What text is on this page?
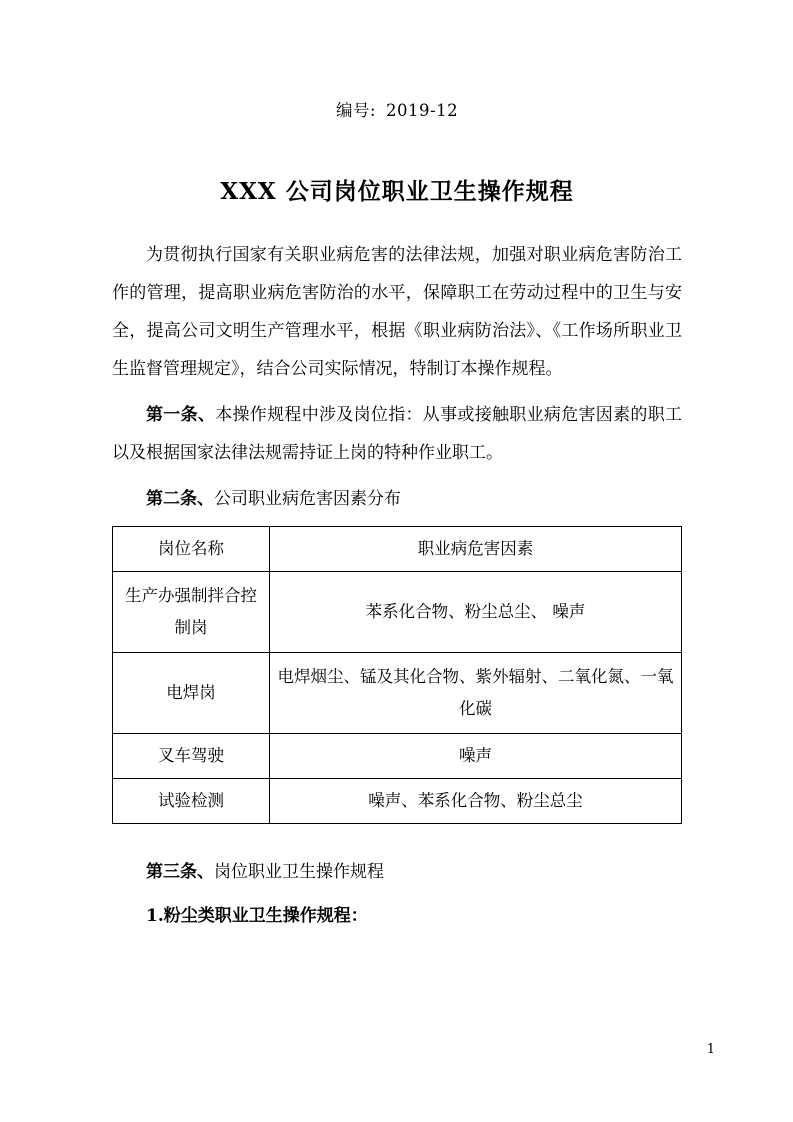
编号: 2019-12
XXX 公司岗位职业卫生操作规程
为贯彻执行国家有关职业病危害的法律法规，加强对职业病危害防治工作的管理，提高职业病危害防治的水平，保障职工在劳动过程中的卫生与安全，提高公司文明生产管理水平，根据《职业病防治法》、《工作场所职业卫生监督管理规定》，结合公司实际情况，特制订本操作规程。
第一条、本操作规程中涉及岗位指：从事或接触职业病危害因素的职工以及根据国家法律法规需持证上岗的特种作业职工。
第二条、公司职业病危害因素分布
岗位名称	职业病危害因素
生产办强制拌合控制岗	苯系化合物、粉尘总尘、 噪声
电焊岗	电焊烟尘、锰及其化合物、紫外辐射、二氧化氮、一氧化碳
叉车驾驶	噪声
试验检测	噪声、苯系化合物、粉尘总尘
第三条、岗位职业卫生操作规程
1.粉尘类职业卫生操作规程：
1
